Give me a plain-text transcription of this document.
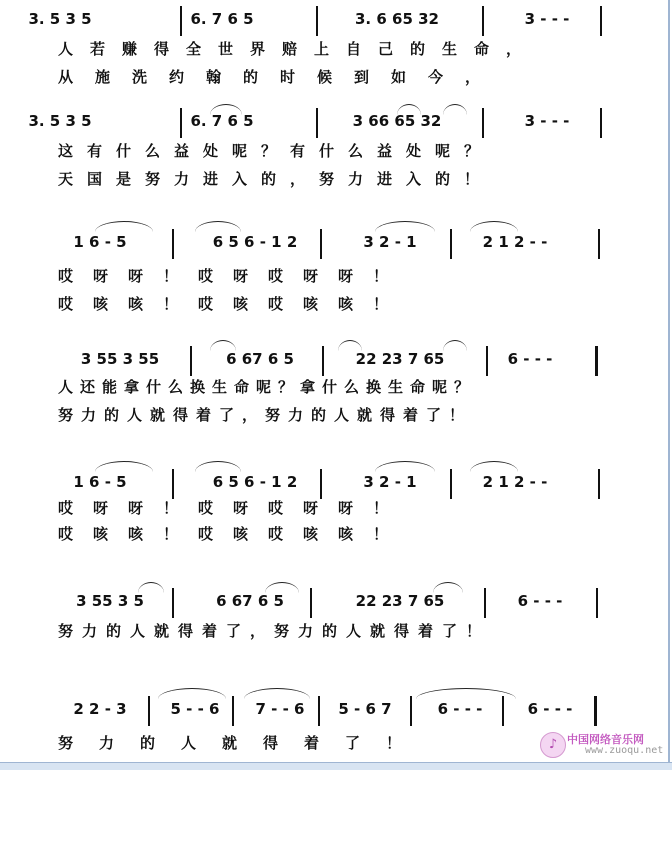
3. 5 3 5

	6. 7 6 5

	3. 6 65 32

	3 - - -

人若赚得全世界赔上自己的生命，
从施洗约翰的时候到如今，

3. 5 3 5

	6. 7 6 5

	3 66 65 32

	3 - - -

这有什么益处呢？有什么益处呢？
天国是努力进入的，努力进入的！

1 6 - 5

	6 5 6 - 1 2

	3 2 - 1

	2 1 2 - -

哎呀呀！哎呀哎呀呀！
哎咳咳！哎咳哎咳咳！

3 55 3 55

	6 67 6 5

	22 23 7 65

	6 - - -

人还能拿什么换生命呢？拿什么换生命呢？
努力的人就得着了，努力的人就得着了！

1 6 - 5

	6 5 6 - 1 2

	3 2 - 1

	2 1 2 - -

哎呀呀！哎呀哎呀呀！
哎咳咳！哎咳哎咳咳！

3 55 3 5

	6 67 6 5

	22 23 7 65

	6 - - -

努力的人就得着了，努力的人就得着了！

2 2 - 3

	5 - - 6

7 - - 6

5 - 6 7

	6 - - -

	6 - - -

努力的人就得着了！	♪ 中国网络音乐网
www.zuoqu.net
